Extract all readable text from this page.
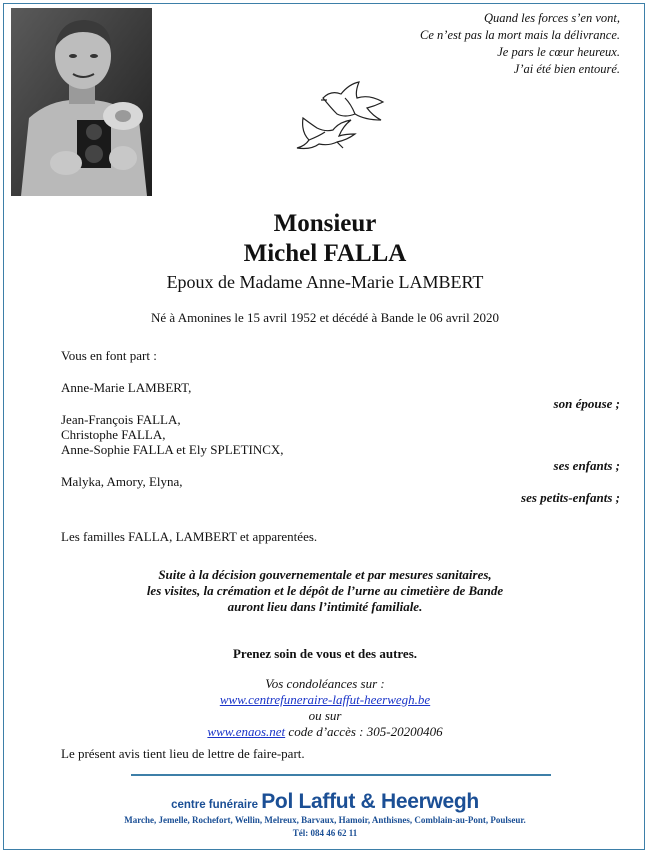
Quand les forces s’en vont,
Ce n’est pas la mort mais la délivrance.
Je pars le cœur heureux.
J’ai été bien entouré.
Monsieur
Michel FALLA
Epoux de Madame Anne-Marie LAMBERT
Né à Amonines le 15 avril 1952 et décédé à Bande le 06 avril 2020
Vous en font part :
Anne-Marie LAMBERT,
son épouse ;
Jean-François FALLA,
Christophe FALLA,
Anne-Sophie FALLA et Ely SPLETINCX,
ses enfants ;
Malyka, Amory, Elyna,
ses petits-enfants ;
Les familles FALLA, LAMBERT et apparentées.
Suite à la décision gouvernementale et par mesures sanitaires,
les visites, la crémation et le dépôt de l’urne au cimetière de Bande
auront lieu dans l’intimité familiale.
Prenez soin de vous et des autres.
Vos condoléances sur :
www.centrefuneraire-laffut-heerwegh.be
ou sur
www.enaos.net code d’accès : 305-20200406
Le présent avis tient lieu de lettre de faire-part.
centre funéraire Pol Laffut & Heerwegh
Marche, Jemelle, Rochefort, Wellin, Melreux, Barvaux, Hamoir, Anthisnes, Comblain-au-Pont, Poulseur.
Tél: 084 46 62 11
